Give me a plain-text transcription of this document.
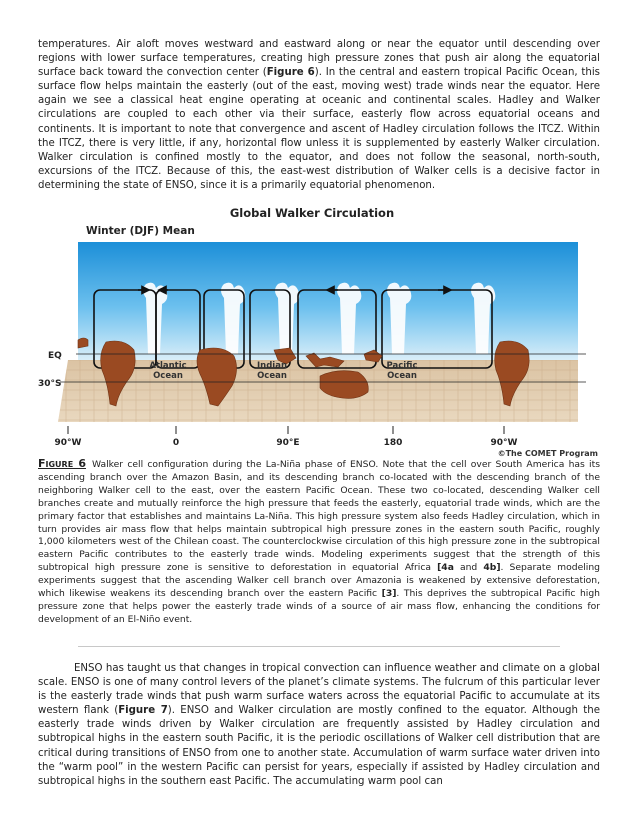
temperatures. Air aloft moves westward and eastward along or near the equator until descending over regions with lower surface temperatures, creating high pressure zones that push air along the equatorial surface back toward the convection center (Figure 6). In the central and eastern tropical Pacific Ocean, this surface flow helps maintain the easterly (out of the east, moving west) trade winds near the equator. Here again we see a classical heat engine operating at oceanic and continental scales. Hadley and Walker circulations are coupled to each other via their surface, easterly flow across equatorial oceans and continents. It is important to note that convergence and ascent of Hadley circulation follows the ITCZ. Within the ITCZ, there is very little, if any, horizontal flow unless it is supplemented by easterly Walker circulation. Walker circulation is confined mostly to the equator, and does not follow the seasonal, north-south, excursions of the ITCZ. Because of this, the east-west distribution of Walker cells is a decisive factor in determining the state of ENSO, since it is a primarily equatorial phenomenon.

Global Walker Circulation
Winter (DJF) Mean
EQ
30°S
Atlantic
Ocean
Indian
Ocean
Pacific
Ocean
90°W	0	90°E	180	90°W
©The COMET Program

Figure 6 Walker cell configuration during the La-Niña phase of ENSO. Note that the cell over South America has its ascending branch over the Amazon Basin, and its descending branch co-located with the descending branch of the neighboring Walker cell to the east, over the eastern Pacific Ocean. These two co-located, descending Walker cell branches create and mutually reinforce the high pressure that feeds the easterly, equatorial trade winds, which are the primary factor that establishes and maintains La-Niña. This high pressure system also feeds Hadley circulation, which in turn provides air mass flow that helps maintain subtropical high pressure zones in the eastern south Pacific, roughly 1,000 kilometers west of the Chilean coast. The counterclockwise circulation of this high pressure zone in the subtropical eastern Pacific contributes to the easterly trade winds. Modeling experiments suggest that the strength of this subtropical high pressure zone is sensitive to deforestation in equatorial Africa [4a and 4b]. Separate modeling experiments suggest that the ascending Walker cell branch over Amazonia is weakened by extensive deforestation, which likewise weakens its descending branch over the eastern Pacific [3]. This deprives the subtropical Pacific high pressure zone that helps power the easterly trade winds of a source of air mass flow, enhancing the conditions for development of an El-Niño event.

ENSO has taught us that changes in tropical convection can influence weather and climate on a global scale. ENSO is one of many control levers of the planet’s climate systems. The fulcrum of this particular lever is the easterly trade winds that push warm surface waters across the equatorial Pacific to accumulate at its western flank (Figure 7). ENSO and Walker circulation are mostly confined to the equator. Although the easterly trade winds driven by Walker circulation are frequently assisted by Hadley circulation and subtropical highs in the eastern south Pacific, it is the periodic oscillations of Walker cell distribution that are critical during transitions of ENSO from one to another state. Accumulation of warm surface water driven into the “warm pool” in the western Pacific can persist for years, especially if assisted by Hadley circulation and subtropical highs in the southern east Pacific. The accumulating warm pool can
